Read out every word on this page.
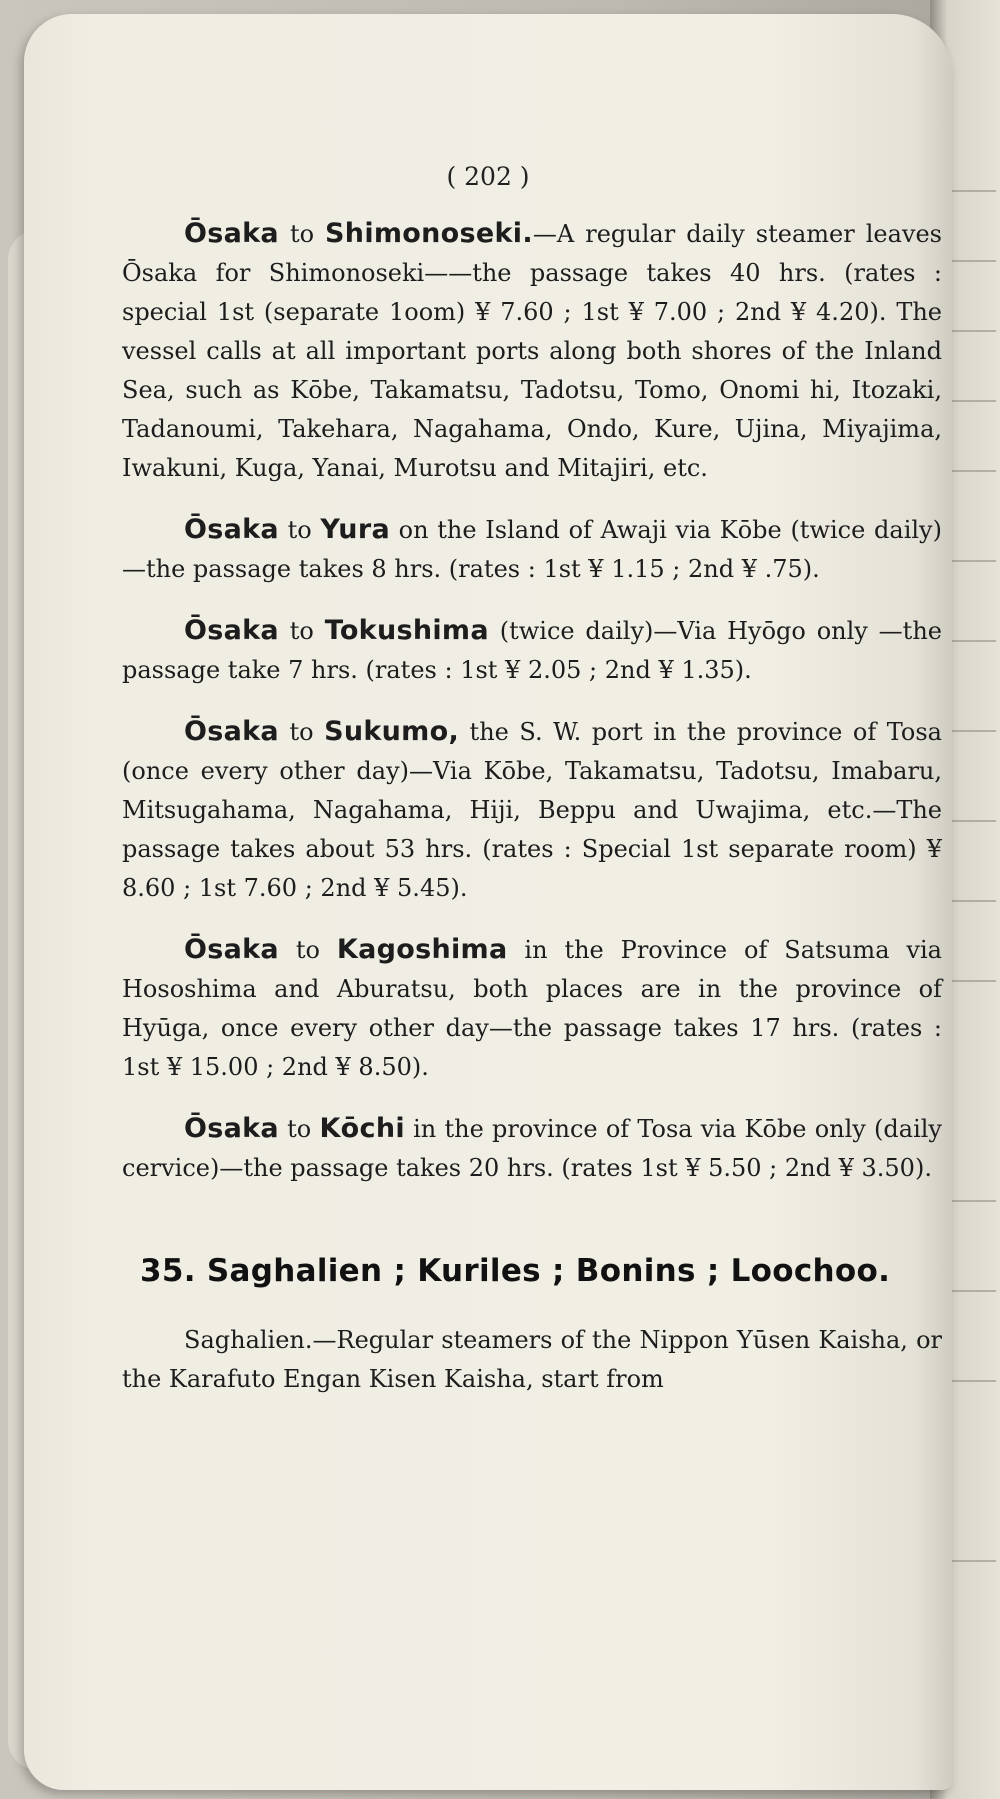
( 202 )

Ōsaka to Shimonoseki.—A regular daily steamer leaves Ōsaka for Shimonoseki——the passage takes 40 hrs. (rates : special 1st (separate 1oom) ¥ 7.60 ; 1st ¥ 7.00 ; 2nd ¥ 4.20). The vessel calls at all important ports along both shores of the Inland Sea, such as Kōbe, Takamatsu, Tadotsu, Tomo, Onomi hi, Itozaki, Tadanoumi, Takehara, Nagahama, Ondo, Kure, Ujina, Miyajima, Iwakuni, Kuga, Yanai, Murotsu and Mitajiri, etc.

Ōsaka to Yura on the Island of Awaji via Kōbe (twice daily)—the passage takes 8 hrs. (rates : 1st ¥ 1.15 ; 2nd ¥ .75).

Ōsaka to Tokushima (twice daily)—Via Hyōgo only —the passage take 7 hrs. (rates : 1st ¥ 2.05 ; 2nd ¥ 1.35).

Ōsaka to Sukumo, the S. W. port in the province of Tosa (once every other day)—Via Kōbe, Takamatsu, Tadotsu, Imabaru, Mitsugahama, Nagahama, Hiji, Beppu and Uwajima, etc.—The passage takes about 53 hrs. (rates : Special 1st separate room) ¥ 8.60 ; 1st 7.60 ; 2nd ¥ 5.45).

Ōsaka to Kagoshima in the Province of Satsuma via Hososhima and Aburatsu, both places are in the province of Hyūga, once every other day—the passage takes 17 hrs. (rates : 1st ¥ 15.00 ; 2nd ¥ 8.50).

Ōsaka to Kōchi in the province of Tosa via Kōbe only (daily cervice)—the passage takes 20 hrs. (rates 1st ¥ 5.50 ; 2nd ¥ 3.50).

35. Saghalien ; Kuriles ; Bonins ; Loochoo.

Saghalien.—Regular steamers of the Nippon Yūsen Kaisha, or the Karafuto Engan Kisen Kaisha, start from
